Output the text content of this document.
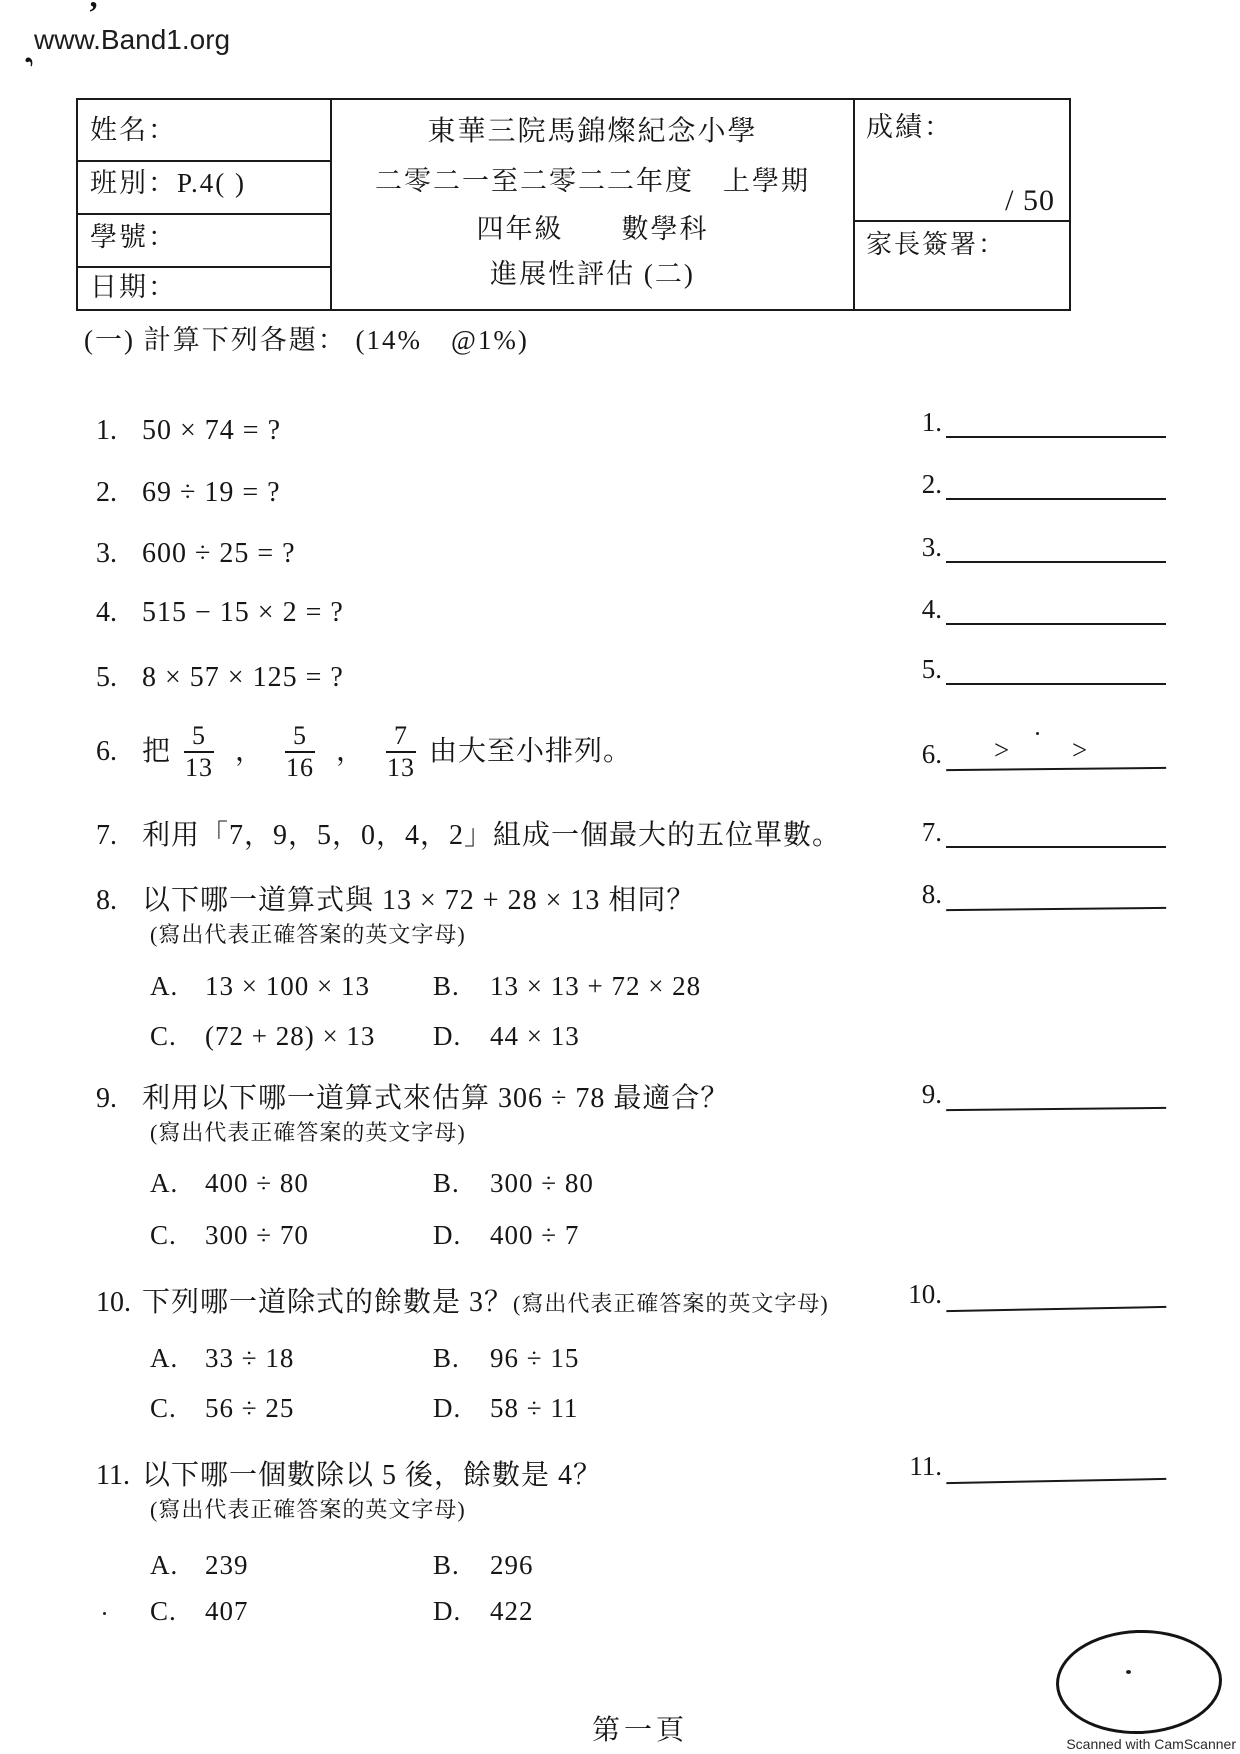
www.Band1.org
’
’
姓名：
班別：P.4( )
學號：
日期：
東華三院馬錦燦紀念小學
二零二一至二零二二年度　上學期
四年級　　數學科
進展性評估 (二)
成績：
/ 50
家長簽署：
(一) 計算下列各題： (14%　@1%)
1. 50 × 74 = ?
2. 69 ÷ 19 = ?
3. 600 ÷ 25 = ?
4. 515 − 15 × 2 = ?
5. 8 × 57 × 125 = ?
6. 把 $\frac{5}{13}$ ， $\frac{5}{16}$ ， $\frac{7}{13}$ 由大至小排列。
7. 利用「7，9，5，0，4，2」組成一個最大的五位單數。
8. 以下哪一道算式與 13 × 72 + 28 × 13 相同？
(寫出代表正確答案的英文字母)
A. 13 × 100 × 13	B.	13 × 13 + 72 × 28
C.	(72 + 28) × 13	D.	44 × 13
9. 利用以下哪一道算式來估算 306 ÷ 78 最適合？
(寫出代表正確答案的英文字母)
A. 400 ÷ 80	B.	300 ÷ 80
C.	300 ÷ 70	D.	400 ÷ 7
10. 下列哪一道除式的餘數是 3？(寫出代表正確答案的英文字母)
A. 33 ÷ 18	B.	96 ÷ 15
C.	56 ÷ 25	D.	58 ÷ 11
11. 以下哪一個數除以 5 後，餘數是 4？
(寫出代表正確答案的英文字母)
A. 239	B.	296
C.	407	D.	422
1.
2.
3.
4.
5.
6. > >
7.
8.
9.
10.
11.
第一頁	Scanned with CamScanner
